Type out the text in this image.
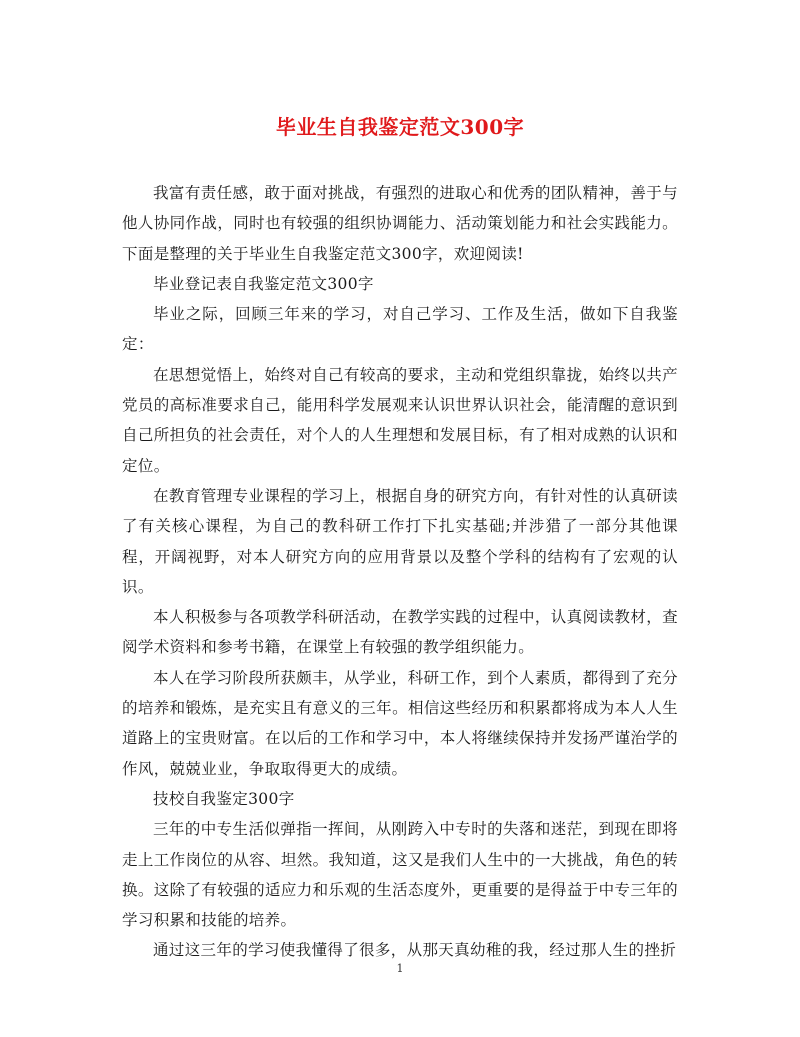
毕业生自我鉴定范文300字

我富有责任感，敢于面对挑战，有强烈的进取心和优秀的团队精神，善于与他人协同作战，同时也有较强的组织协调能力、活动策划能力和社会实践能力。下面是整理的关于毕业生自我鉴定范文300字，欢迎阅读!

毕业登记表自我鉴定范文300字

毕业之际，回顾三年来的学习，对自己学习、工作及生活，做如下自我鉴定：

在思想觉悟上，始终对自己有较高的要求，主动和党组织靠拢，始终以共产党员的高标准要求自己，能用科学发展观来认识世界认识社会，能清醒的意识到自己所担负的社会责任，对个人的人生理想和发展目标，有了相对成熟的认识和定位。

在教育管理专业课程的学习上，根据自身的研究方向，有针对性的认真研读了有关核心课程，为自己的教科研工作打下扎实基础;并涉猎了一部分其他课程，开阔视野，对本人研究方向的应用背景以及整个学科的结构有了宏观的认识。

本人积极参与各项教学科研活动，在教学实践的过程中，认真阅读教材，查阅学术资料和参考书籍，在课堂上有较强的教学组织能力。

本人在学习阶段所获颇丰，从学业，科研工作，到个人素质，都得到了充分的培养和锻炼，是充实且有意义的三年。相信这些经历和积累都将成为本人人生道路上的宝贵财富。在以后的工作和学习中，本人将继续保持并发扬严谨治学的作风，兢兢业业，争取取得更大的成绩。

技校自我鉴定300字

三年的中专生活似弹指一挥间，从刚跨入中专时的失落和迷茫，到现在即将走上工作岗位的从容、坦然。我知道，这又是我们人生中的一大挑战，角色的转换。这除了有较强的适应力和乐观的生活态度外，更重要的是得益于中专三年的学习积累和技能的培养。

通过这三年的学习使我懂得了很多，从那天真幼稚的我，经过那人生的挫折

1
